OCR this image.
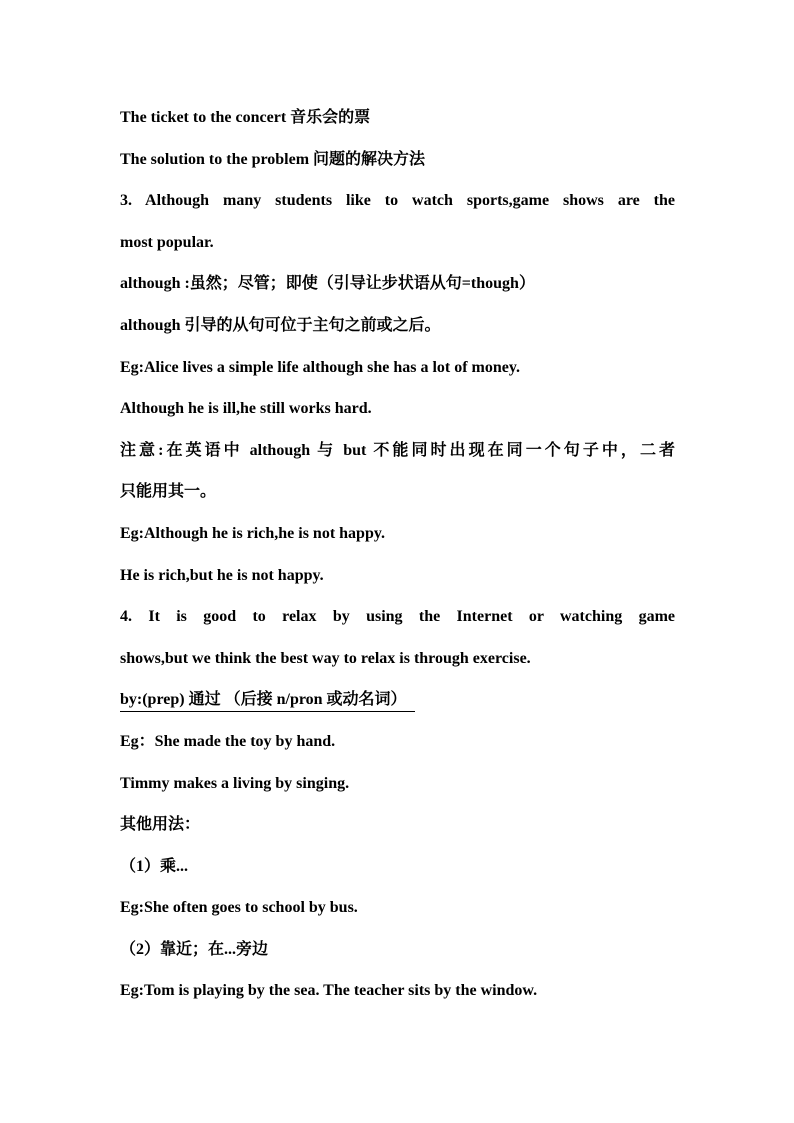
The ticket to the concert 音乐会的票
The solution to the problem 问题的解决方法
3. Although many students like to watch sports,game shows are the
most popular.
although :虽然；尽管；即使（引导让步状语从句=though）
although 引导的从句可位于主句之前或之后。
Eg:Alice lives a simple life although she has a lot of money.
Although he is ill,he still works hard.
注意:在英语中 although 与 but 不能同时出现在同一个句子中，二者
只能用其一。
Eg:Although he is rich,he is not happy.
He is rich,but he is not happy.
4. It is good to relax by using the Internet or watching game
shows,but we think the best way to relax is through exercise.
by:(prep) 通过 （后接 n/pron 或动名词）
Eg：She made the toy by hand.
Timmy makes a living by singing.
其他用法：
（1）乘...
Eg:She often goes to school by bus.
（2）靠近；在...旁边
Eg:Tom is playing by the sea. The teacher sits by the window.
